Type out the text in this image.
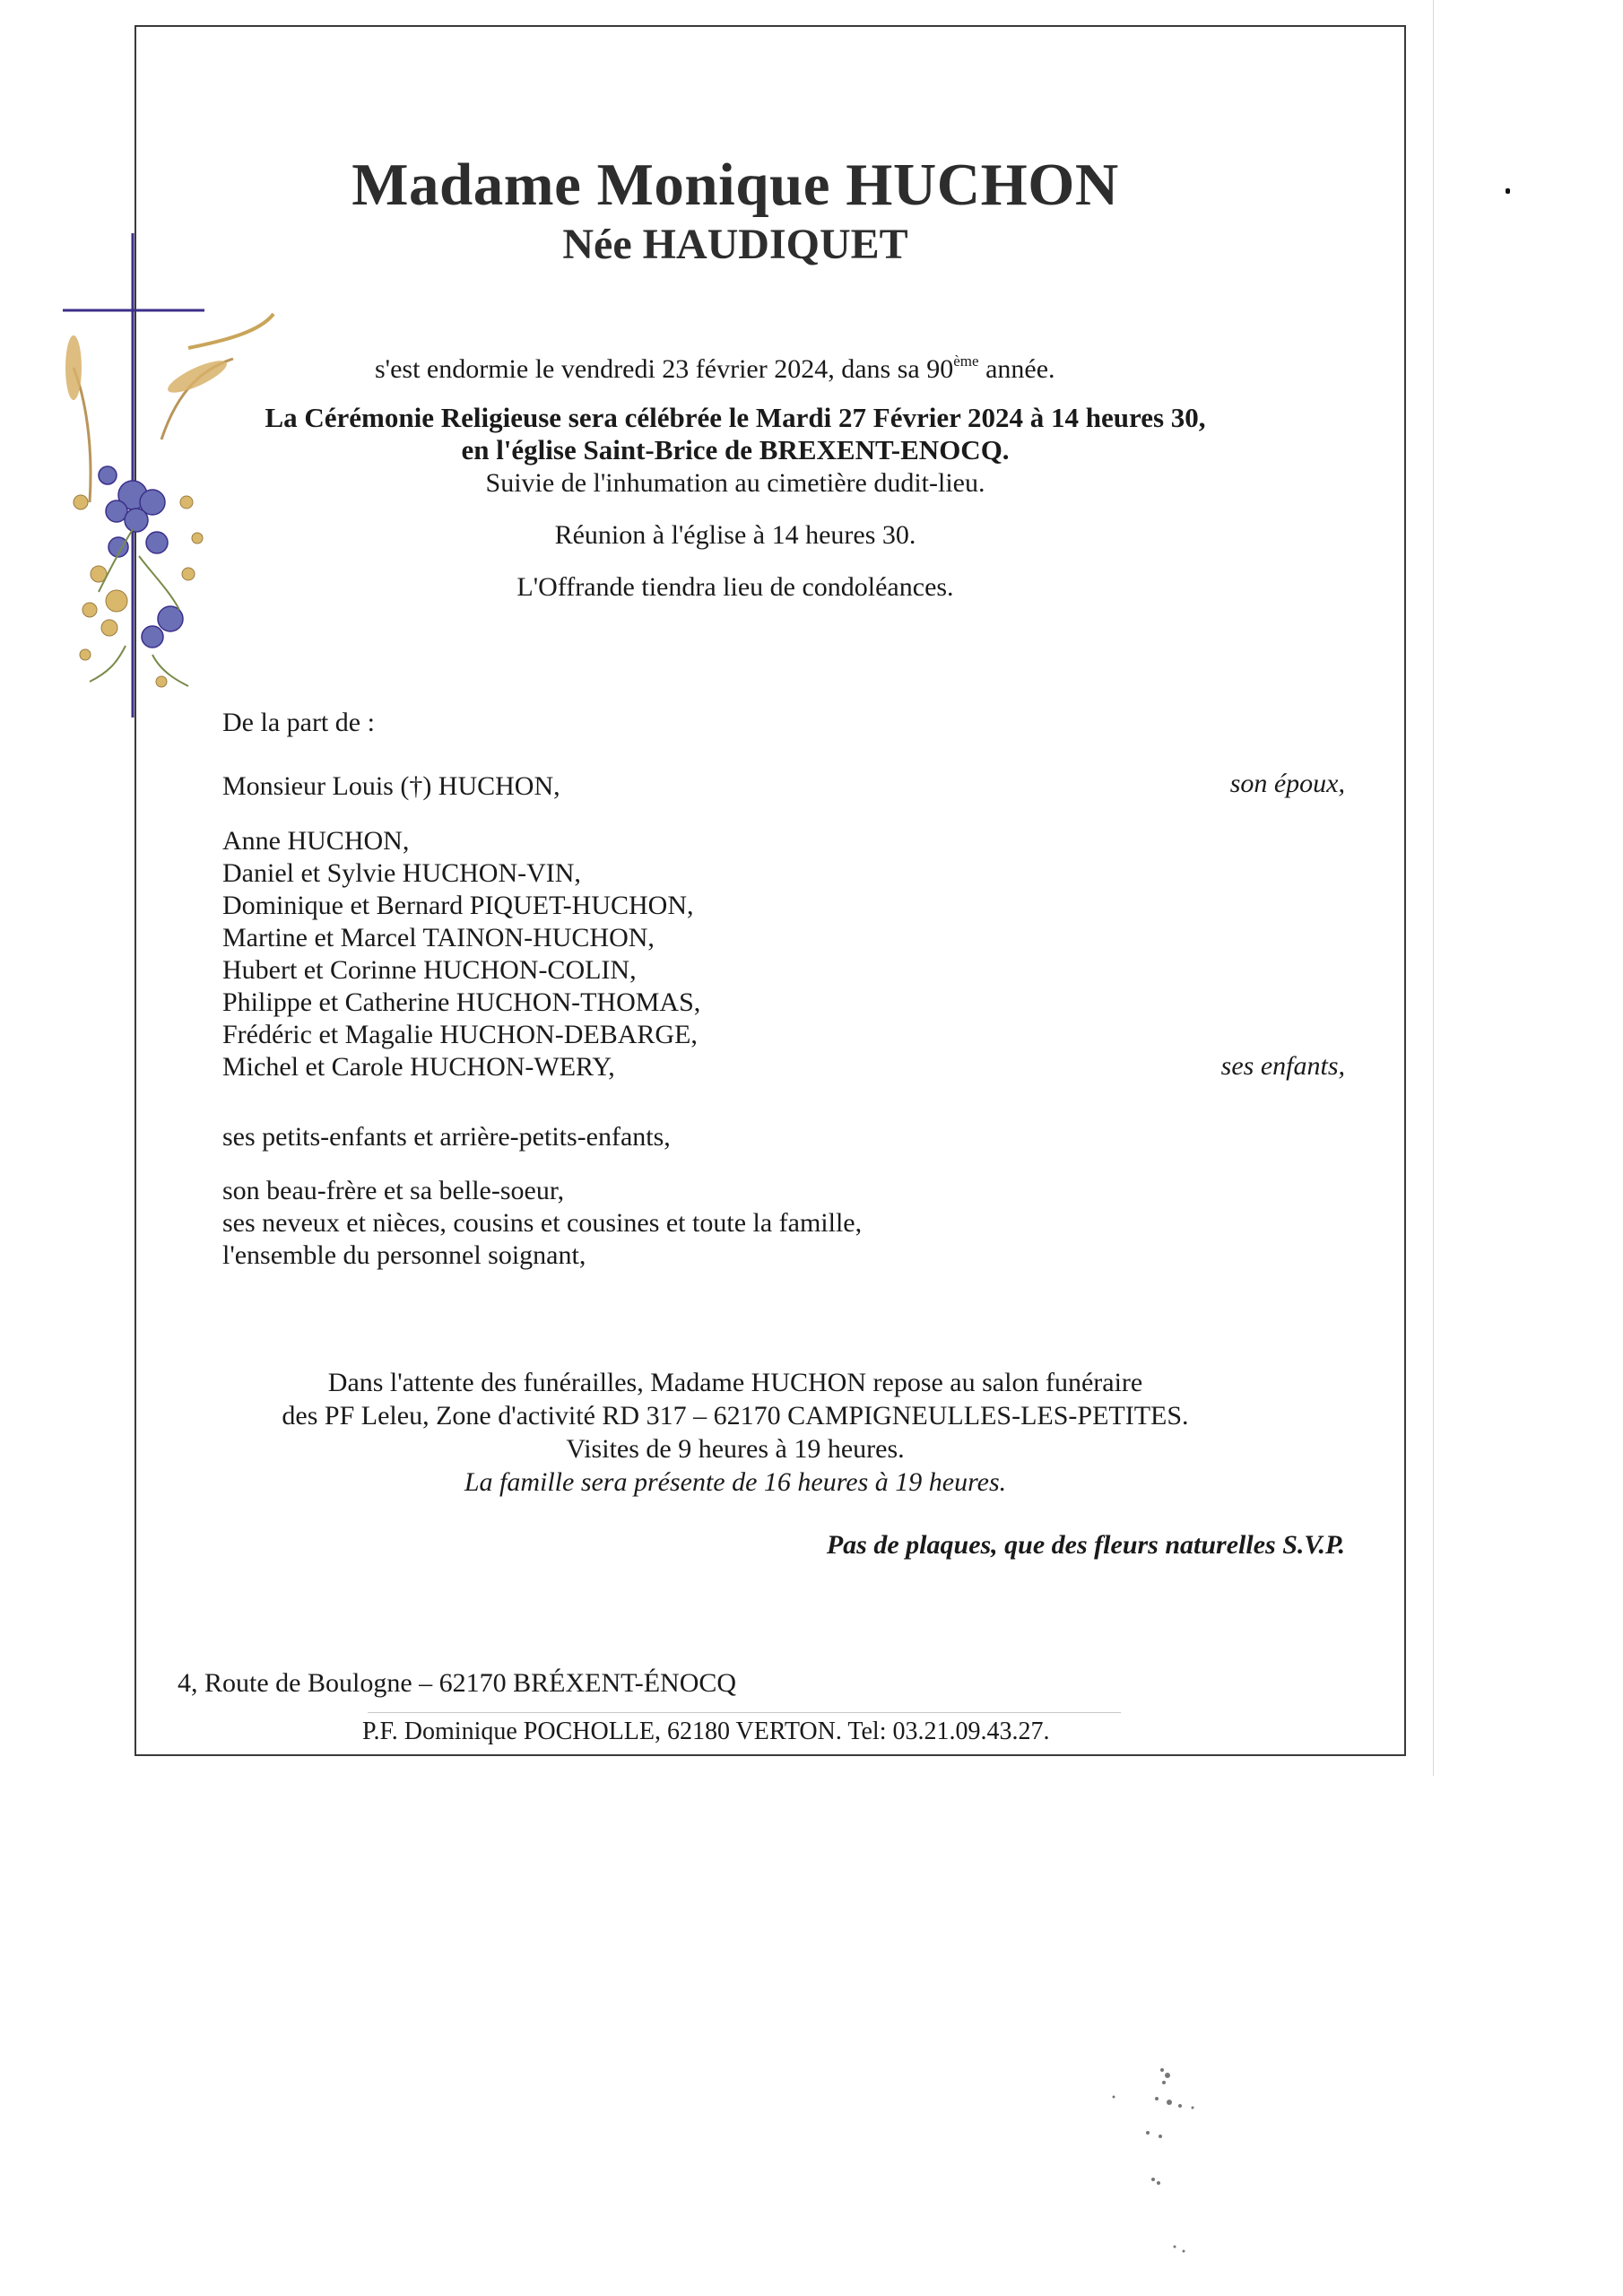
Madame Monique HUCHON
Née HAUDIQUET
s'est endormie le vendredi 23 février 2024, dans sa 90ème année.
La Cérémonie Religieuse sera célébrée le Mardi 27 Février 2024 à 14 heures 30,
en l'église Saint-Brice de BREXENT-ENOCQ.
Suivie de l'inhumation au cimetière dudit-lieu.
Réunion à l'église à 14 heures 30.
L'Offrande tiendra lieu de condoléances.
De la part de :
Monsieur Louis (†) HUCHON,	son époux,
Anne HUCHON,
Daniel et Sylvie HUCHON-VIN,
Dominique et Bernard PIQUET-HUCHON,
Martine et Marcel TAINON-HUCHON,
Hubert et Corinne HUCHON-COLIN,
Philippe et Catherine HUCHON-THOMAS,
Frédéric et Magalie HUCHON-DEBARGE,
Michel et Carole HUCHON-WERY,	ses enfants,
ses petits-enfants et arrière-petits-enfants,
son beau-frère et sa belle-soeur,
ses neveux et nièces, cousins et cousines et toute la famille,
l'ensemble du personnel soignant,
Dans l'attente des funérailles, Madame HUCHON repose au salon funéraire
des PF Leleu, Zone d'activité RD 317 – 62170 CAMPIGNEULLES-LES-PETITES.
Visites de 9 heures à 19 heures.
La famille sera présente de 16 heures à 19 heures.
Pas de plaques, que des fleurs naturelles S.V.P.
4, Route de Boulogne – 62170 BRÉXENT-ÉNOCQ
P.F. Dominique POCHOLLE, 62180 VERTON. Tel: 03.21.09.43.27.
